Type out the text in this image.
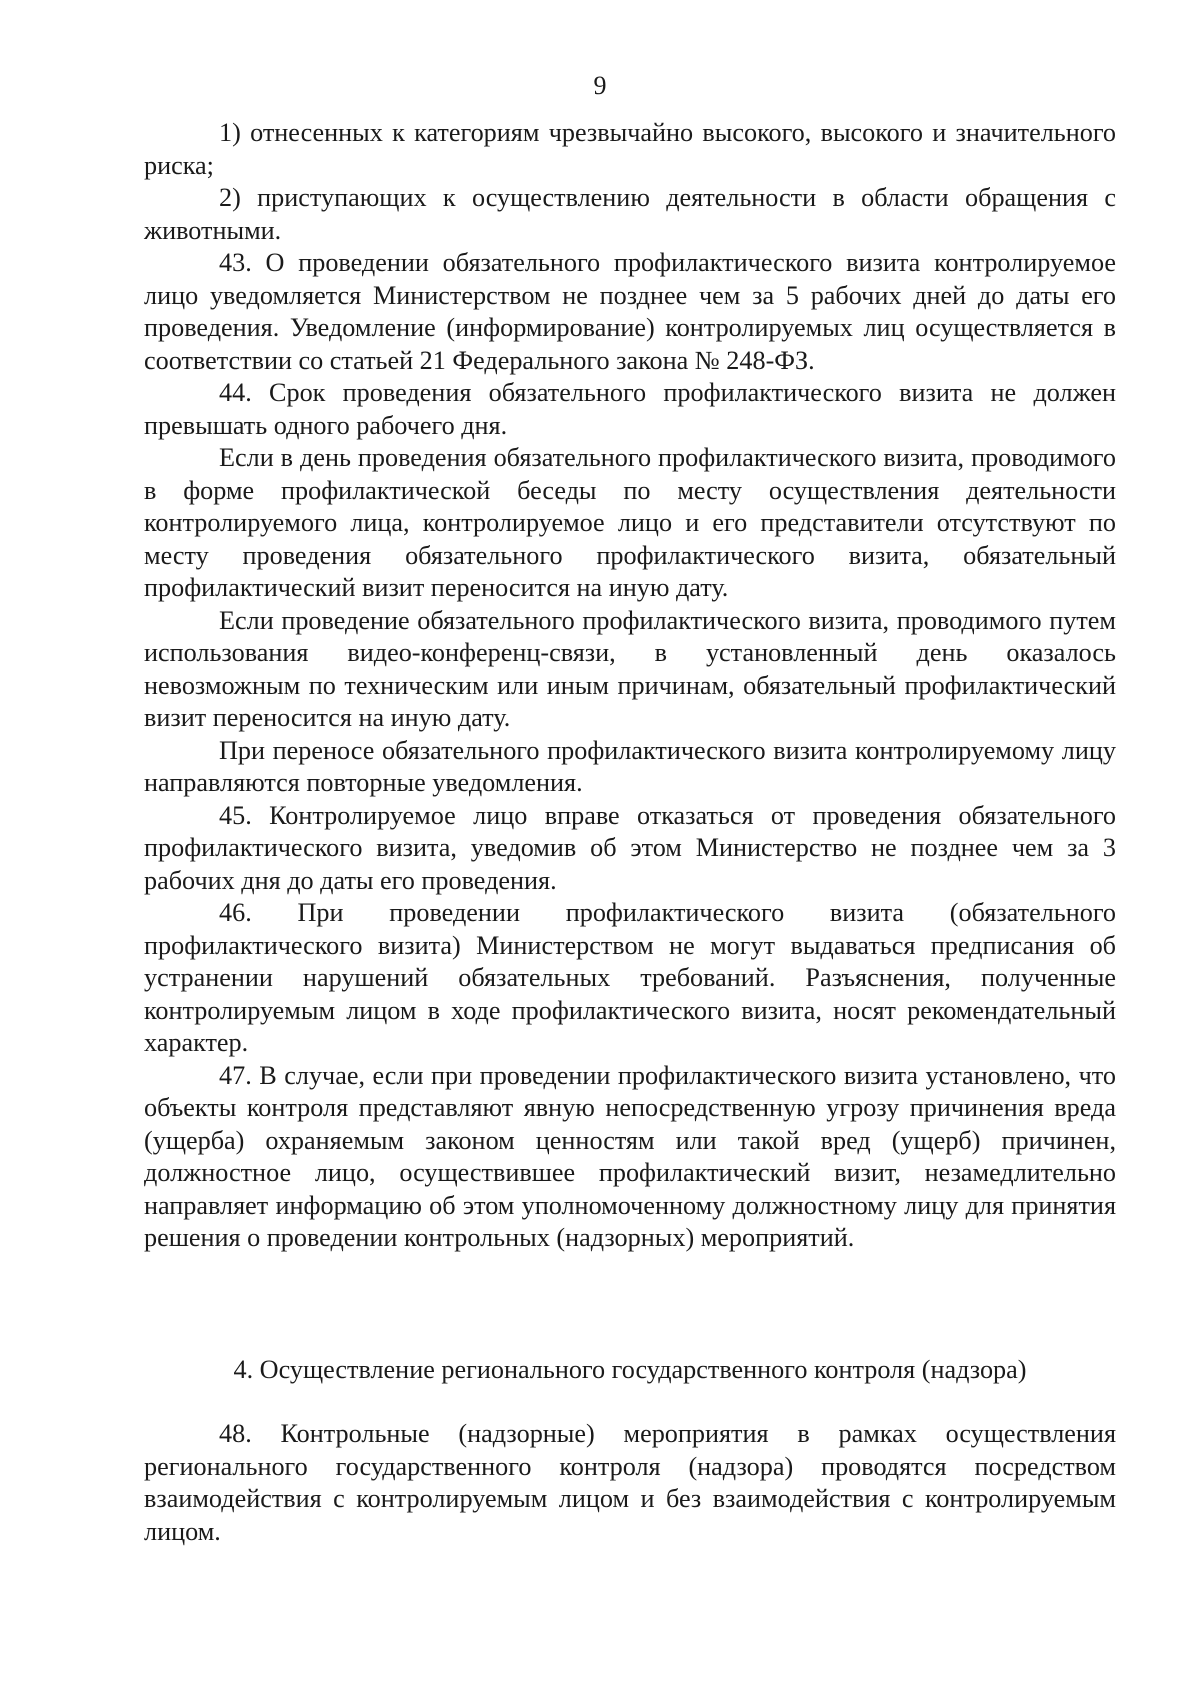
9

1) отнесенных к категориям чрезвычайно высокого, высокого и значительного риска;

2) приступающих к осуществлению деятельности в области обращения с животными.

43. О проведении обязательного профилактического визита контролируемое лицо уведомляется Министерством не позднее чем за 5 рабочих дней до даты его проведения. Уведомление (информирование) контролируемых лиц осуществляется в соответствии со статьей 21 Федерального закона № 248-ФЗ.

44. Срок проведения обязательного профилактического визита не должен превышать одного рабочего дня.

Если в день проведения обязательного профилактического визита, проводимого в форме профилактической беседы по месту осуществления деятельности контролируемого лица, контролируемое лицо и его представители отсутствуют по месту проведения обязательного профилактического визита, обязательный профилактический визит переносится на иную дату.

Если проведение обязательного профилактического визита, проводимого путем использования видео-конференц-связи, в установленный день оказалось невозможным по техническим или иным причинам, обязательный профилактический визит переносится на иную дату.

При переносе обязательного профилактического визита контролируемому лицу направляются повторные уведомления.

45. Контролируемое лицо вправе отказаться от проведения обязательного профилактического визита, уведомив об этом Министерство не позднее чем за 3 рабочих дня до даты его проведения.

46. При проведении профилактического визита (обязательного профилактического визита) Министерством не могут выдаваться предписания об устранении нарушений обязательных требований. Разъяснения, полученные контролируемым лицом в ходе профилактического визита, носят рекомендательный характер.

47. В случае, если при проведении профилактического визита установлено, что объекты контроля представляют явную непосредственную угрозу причинения вреда (ущерба) охраняемым законом ценностям или такой вред (ущерб) причинен, должностное лицо, осуществившее профилактический визит, незамедлительно направляет информацию об этом уполномоченному должностному лицу для принятия решения о проведении контрольных (надзорных) мероприятий.

4. Осуществление регионального государственного контроля (надзора)

48. Контрольные (надзорные) мероприятия в рамках осуществления регионального государственного контроля (надзора) проводятся посредством взаимодействия с контролируемым лицом и без взаимодействия с контролируемым лицом.
